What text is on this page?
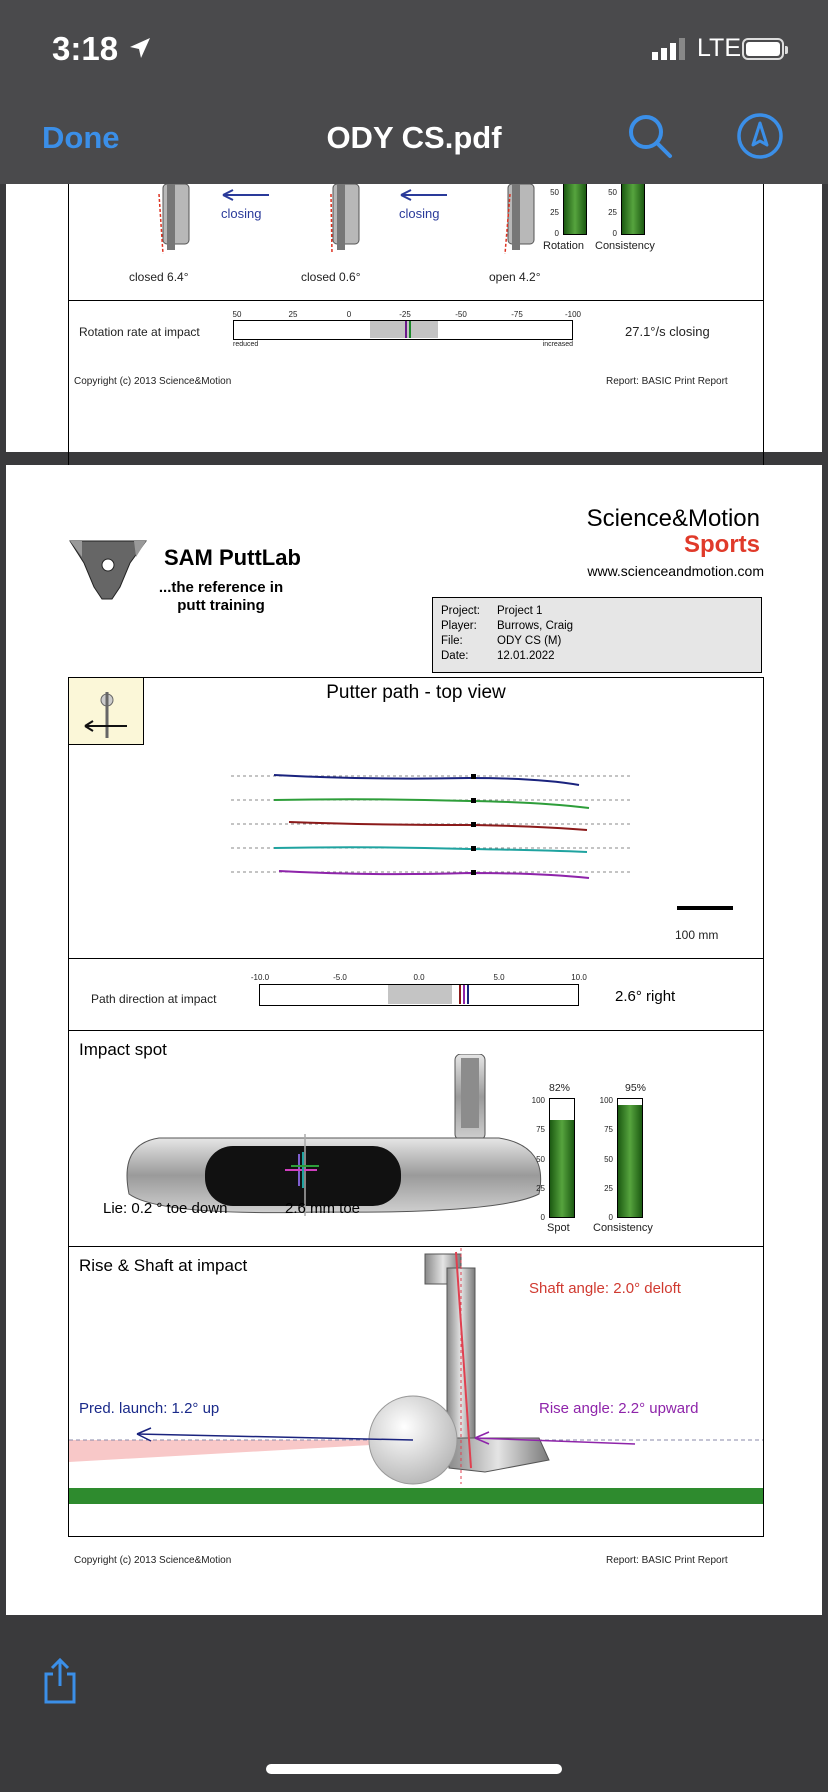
3:18	LTE
Done	ODY CS.pdf
closing	closing
closed 6.4°	closed 0.6°	open 4.2°
50
25
0
50
25
0
Rotation Consistency
Rotation rate at impact
50	25	0	-25	-50	-75	-100
reduced	increased
27.1°/s closing
Copyright (c) 2013 Science&Motion	Report: BASIC Print Report
SAM PuttLab
...the reference in
putt training
Science&Motion
Sports
www.scienceandmotion.com
Project: Project 1
Player: Burrows, Craig
File:	ODY CS (M)
Date: 12.01.2022
Putter path - top view
100 mm
Path direction at impact
-10.0	-5.0	0.0	5.0	10.0
2.6° right
Impact spot
Lie: 0.2 ° toe down	2.6 mm toe
82%	95%
100
75
50
25
0
100
75
50
25
0
Spot Consistency
Rise & Shaft at impact
Shaft angle: 2.0° deloft
Pred. launch: 1.2° up	Rise angle: 2.2° upward
Copyright (c) 2013 Science&Motion	Report: BASIC Print Report
